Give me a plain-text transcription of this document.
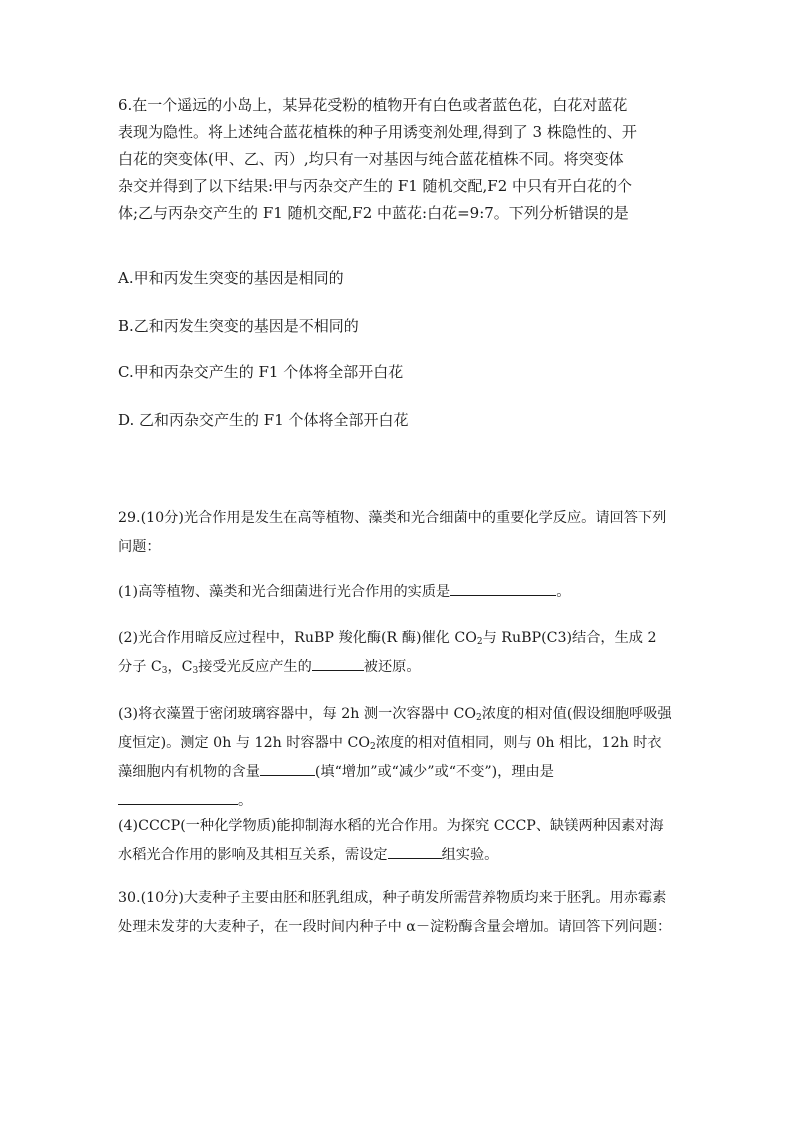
6.在一个遥远的小岛上，某异花受粉的植物开有白色或者蓝色花，白花对蓝花表现为隐性。将上述纯合蓝花植株的种子用诱变剂处理,得到了 3 株隐性的、开白花的突变体(甲、乙、丙）,均只有一对基因与纯合蓝花植株不同。将突变体杂交并得到了以下结果:甲与丙杂交产生的 F1 随机交配,F2 中只有开白花的个体;乙与丙杂交产生的 F1 随机交配,F2 中蓝花:白花=9:7。下列分析错误的是
A.甲和丙发生突变的基因是相同的
B.乙和丙发生突变的基因是不相同的
C.甲和丙杂交产生的 F1 个体将全部开白花
D. 乙和丙杂交产生的 F1 个体将全部开白花
29.(10分)光合作用是发生在高等植物、藻类和光合细菌中的重要化学反应。请回答下列问题：
(1)高等植物、藻类和光合细菌进行光合作用的实质是	。
(2)光合作用暗反应过程中，RuBP 羧化酶(R 酶)催化 $CO_2$与 RuBP(C3)结合，生成 2 分子 $C_3$，$C_3$接受光反应产生的	被还原。
(3)将衣藻置于密闭玻璃容器中，每 2h 测一次容器中 $CO_2$浓度的相对值(假设细胞呼吸强度恒定)。测定 0h 与 12h 时容器中 $CO_2$浓度的相对值相同，则与 0h 相比，12h 时衣藻细胞内有机物的含量	(填“增加”或“减少”或“不变”)，理由是。
(4)CCCP(一种化学物质)能抑制海水稻的光合作用。为探究 CCCP、缺镁两种因素对海水稻光合作用的影响及其相互关系，需设定	组实验。
30.(10分)大麦种子主要由胚和胚乳组成，种子萌发所需营养物质均来于胚乳。用赤霉素处理未发芽的大麦种子，在一段时间内种子中 α－淀粉酶含量会增加。请回答下列问题：
